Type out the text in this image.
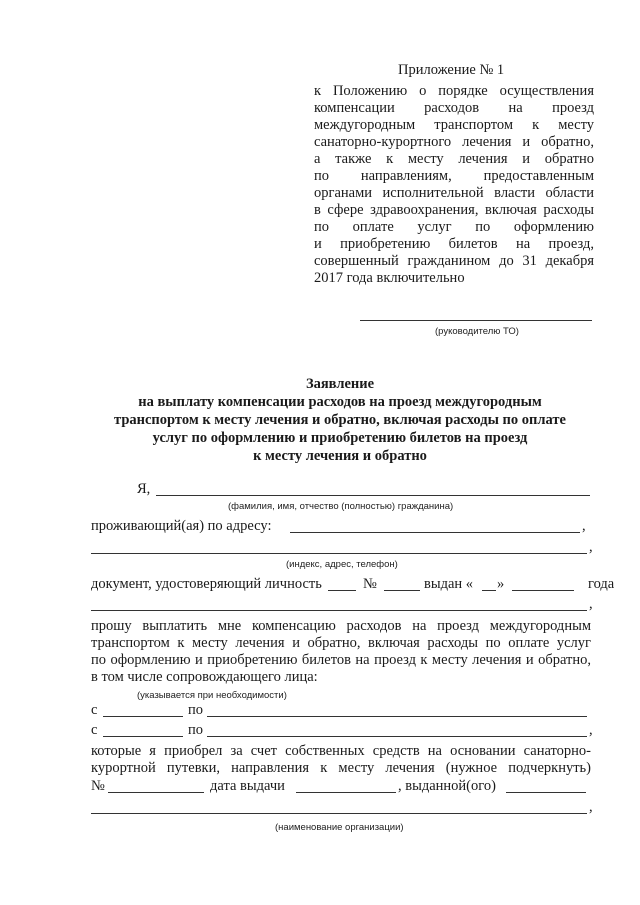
Приложение № 1
к Положению о порядке осуществления
компенсации расходов на проезд
междугородным транспортом к месту
санаторно-курортного лечения и обратно,
а также к месту лечения и обратно
по направлениям, предоставленным
органами исполнительной власти области
в сфере здравоохранения, включая расходы
по оплате услуг по оформлению
и приобретению билетов на проезд,
совершенный гражданином до 31 декабря
2017 года включительно
(руководителю ТО)
Заявление
на выплату компенсации расходов на проезд междугородным
транспортом к месту лечения и обратно, включая расходы по оплате
услуг по оформлению и приобретению билетов на проезд
к месту лечения и обратно
Я,
(фамилия, имя, отчество (полностью) гражданина)
проживающий(ая) по адресу:	,
,
(индекс, адрес, телефон)
документ, удостоверяющий личность	№	выдан « »	года
,
прошу выплатить мне компенсацию расходов на проезд междугородным
транспортом к месту лечения и обратно, включая расходы по оплате услуг
по оформлению и приобретению билетов на проезд к месту лечения и обратно,
в том числе сопровождающего лица:
(указывается при необходимости)
с	по
с	по	,
которые я приобрел за счет собственных средств на основании санаторно-
курортной путевки, направления к месту лечения (нужное подчеркнуть)
№	дата выдачи	, выданной(ого)
,
(наименование организации)
